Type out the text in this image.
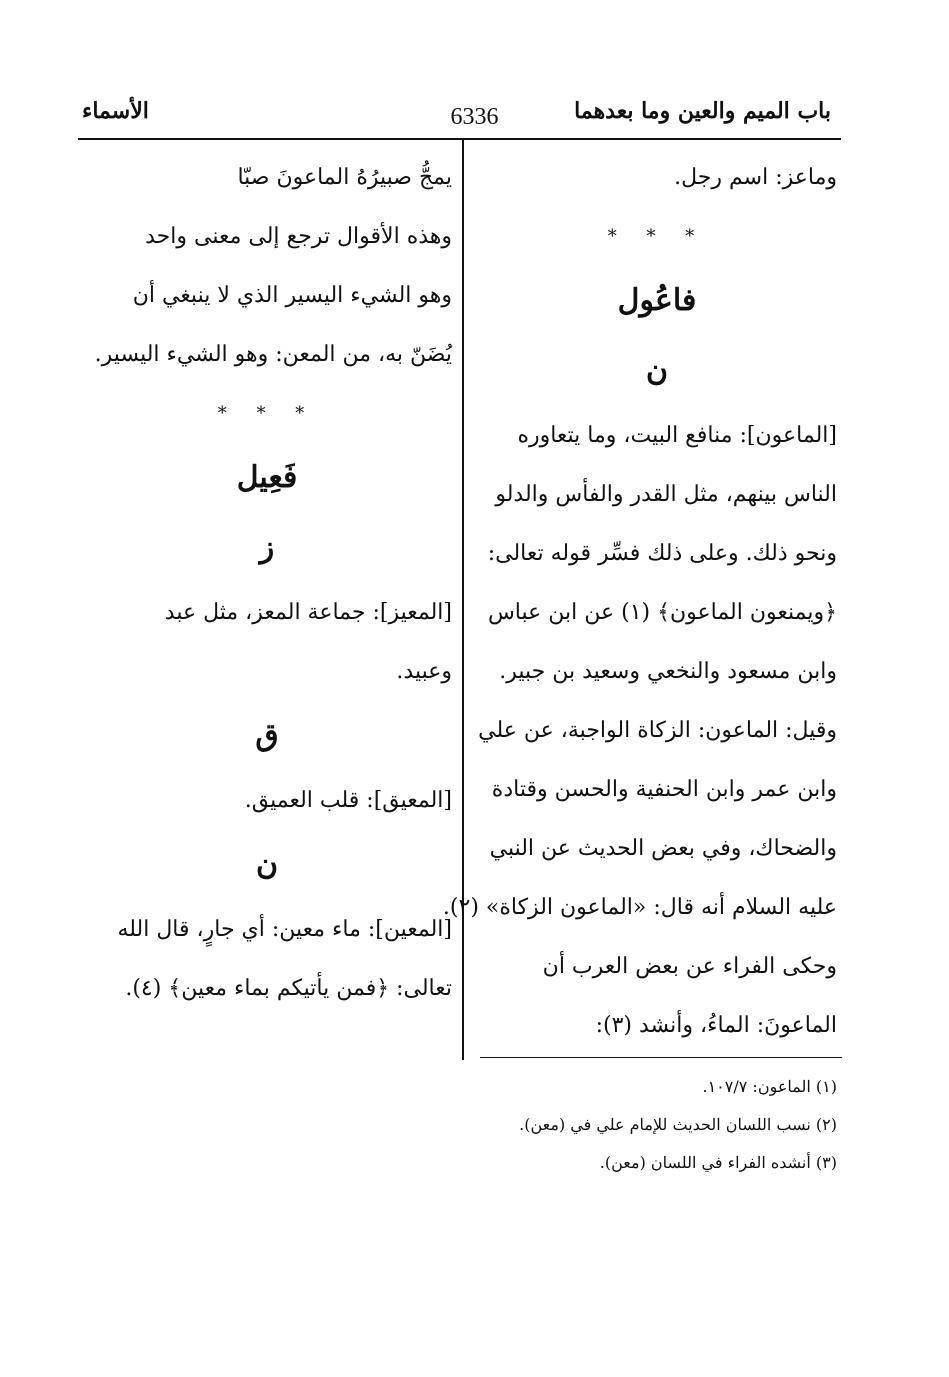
باب الميم والعين وما بعدهما
6336
الأسماء
وماعز: اسم رجل.
* * *
فاعُول
ن
[الماعون]: منافع البيت، وما يتعاوره
الناس بينهم، مثل القدر والفأس والدلو
ونحو ذلك. وعلى ذلك فسِّر قوله تعالى:
﴿ويمنعون الماعون﴾ (١) عن ابن عباس
وابن مسعود والنخعي وسعيد بن جبير.
وقيل: الماعون: الزكاة الواجبة، عن علي
وابن عمر وابن الحنفية والحسن وقتادة
والضحاك، وفي بعض الحديث عن النبي
عليه السلام أنه قال: «الماعون الزكاة» (٢).
وحكى الفراء عن بعض العرب أن
الماعونَ: الماءُ، وأنشد (٣):
يمجُّ صبيرُهُ الماعونَ صبّا
وهذه الأقوال ترجع إلى معنى واحد
وهو الشيء اليسير الذي لا ينبغي أن
يُضَنّ به، من المعن: وهو الشيء اليسير.
* * *
فَعِيل
ز
[المعيز]: جماعة المعز، مثل عبد
وعبيد.
ق
[المعيق]: قلب العميق.
ن
[المعين]: ماء معين: أي جارٍ، قال الله
تعالى: ﴿فمن يأتيكم بماء معين﴾ (٤).
(١) الماعون: ١٠٧/٧.
(٢) نسب اللسان الحديث للإمام علي في (معن).
(٣) أنشده الفراء في اللسان (معن).
